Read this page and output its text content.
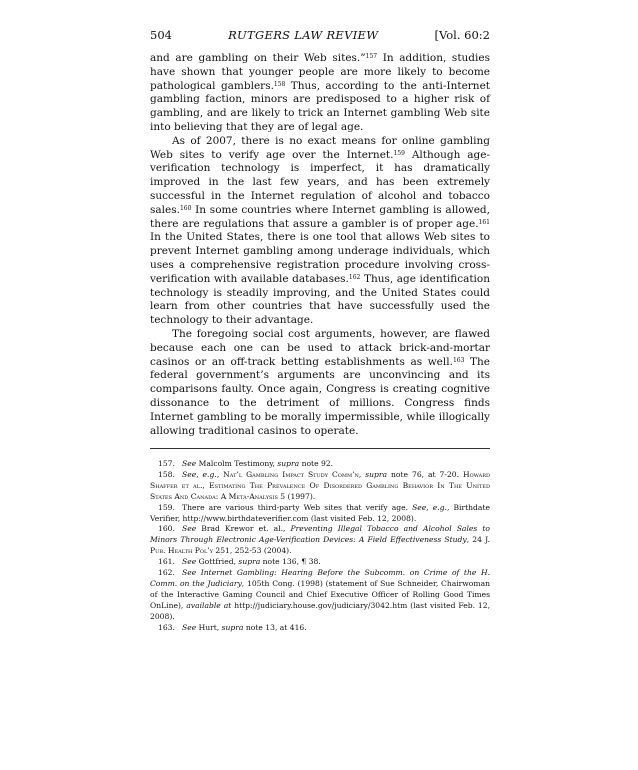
504	RUTGERS LAW REVIEW	[Vol. 60:2

and are gambling on their Web sites.”$^{157}$ In addition, studies have shown that younger people are more likely to become pathological gamblers.$^{158}$ Thus, according to the anti-Internet gambling faction, minors are predisposed to a higher risk of gambling, and are likely to trick an Internet gambling Web site into believing that they are of legal age.

As of 2007, there is no exact means for online gambling Web sites to verify age over the Internet.$^{159}$ Although age-verification technology is imperfect, it has dramatically improved in the last few years, and has been extremely successful in the Internet regulation of alcohol and tobacco sales.$^{160}$ In some countries where Internet gambling is allowed, there are regulations that assure a gambler is of proper age.$^{161}$ In the United States, there is one tool that allows Web sites to prevent Internet gambling among underage individuals, which uses a comprehensive registration procedure involving cross-verification with available databases.$^{162}$ Thus, age identification technology is steadily improving, and the United States could learn from other countries that have successfully used the technology to their advantage.

The foregoing social cost arguments, however, are flawed because each one can be used to attack brick-and-mortar casinos or an off-track betting establishments as well.$^{163}$ The federal government’s arguments are unconvincing and its comparisons faulty. Once again, Congress is creating cognitive dissonance to the detriment of millions. Congress finds Internet gambling to be morally impermissible, while illogically allowing traditional casinos to operate.

157. See Malcolm Testimony, supra note 92.

158. See, e.g., Nat’l Gambling Impact Study Comm’n, supra note 76, at 7-20. Howard Shaffer et al., Estimating The Prevalence Of Disordered Gambling Behavior In The United States And Canada: A Meta-Analysis 5 (1997).

159. There are various third-party Web sites that verify age. See, e.g., Birthdate Verifier, http://www.birthdateverifier.com (last visited Feb. 12, 2008).

160. See Brad Krewor et. al., Preventing Illegal Tobacco and Alcohol Sales to Minors Through Electronic Age-Verification Devices: A Field Effectiveness Study, 24 J. Pub. Health Pol’y 251, 252-53 (2004).

161. See Gottfried, supra note 136, ¶ 38.

162. See Internet Gambling: Hearing Before the Subcomm. on Crime of the H. Comm. on the Judiciary, 105th Cong. (1998) (statement of Sue Schneider, Chairwoman of the Interactive Gaming Council and Chief Executive Officer of Rolling Good Times OnLine), available at http://judiciary.house.gov/judiciary/3042.htm (last visited Feb. 12, 2008).

163. See Hurt, supra note 13, at 416.
